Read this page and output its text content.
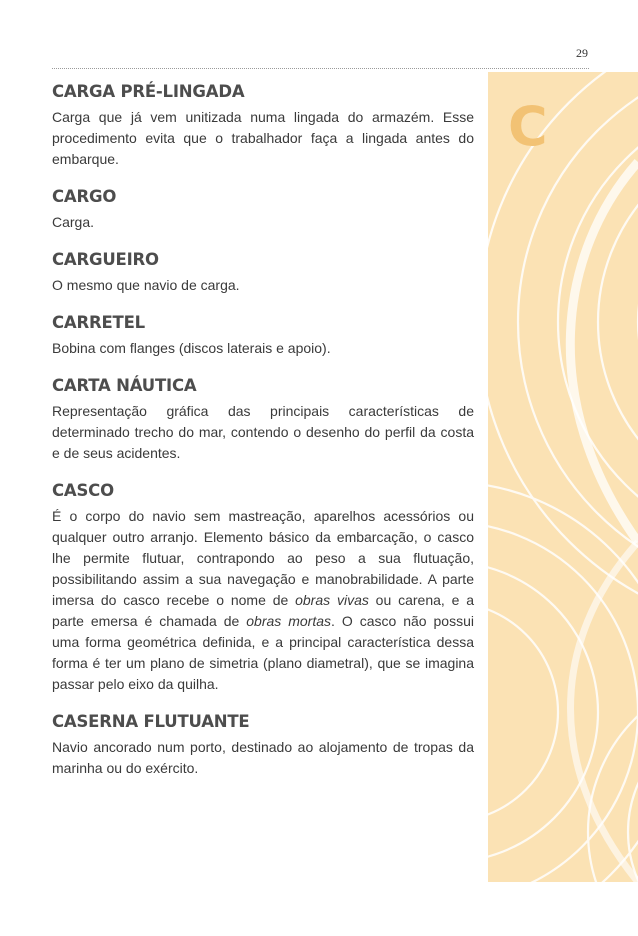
29
C
CARGA PRÉ-LINGADA

Carga que já vem unitizada numa lingada do armazém. Esse procedimento evita que o trabalhador faça a lingada antes do embarque.

CARGO

Carga.

CARGUEIRO

O mesmo que navio de carga.

CARRETEL

Bobina com flanges (discos laterais e apoio).

CARTA NÁUTICA

Representação gráfica das principais características de determinado trecho do mar, contendo o desenho do perfil da costa e de seus acidentes.

CASCO

É o corpo do navio sem mastreação, aparelhos acessórios ou qualquer outro arranjo. Elemento básico da embarcação, o casco lhe permite flutuar, contrapondo ao peso a sua flutuação, possibilitando assim a sua navegação e manobrabilidade. A parte imersa do casco recebe o nome de obras vivas ou carena, e a parte emersa é chamada de obras mortas. O casco não possui uma forma geométrica definida, e a principal característica dessa forma é ter um plano de simetria (plano diametral), que se imagina passar pelo eixo da quilha.

CASERNA FLUTUANTE

Navio ancorado num porto, destinado ao alojamento de tropas da marinha ou do exército.
